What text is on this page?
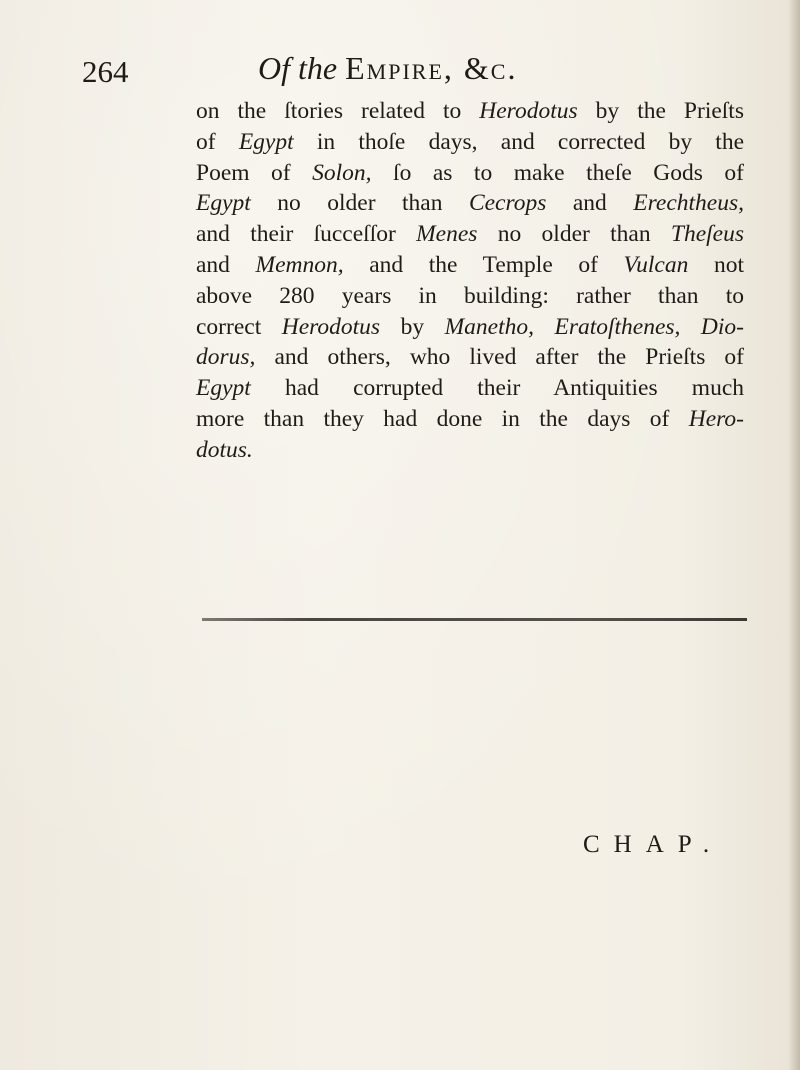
264	Of the Empire, &c.
on the ſtories related to Herodotus by the Prieſts
of Egypt in thoſe days, and corrected by the
Poem of Solon, ſo as to make theſe Gods of
Egypt no older than Cecrops and Erechtheus,
and their ſucceſſor Menes no older than Theſeus
and Memnon, and the Temple of Vulcan not
above 280 years in building: rather than to
correct Herodotus by Manetho, Eratoſthenes, Dio-
dorus, and others, who lived after the Prieſts of
Egypt had corrupted their Antiquities much
more than they had done in the days of Hero-
dotus.
CHAP.
